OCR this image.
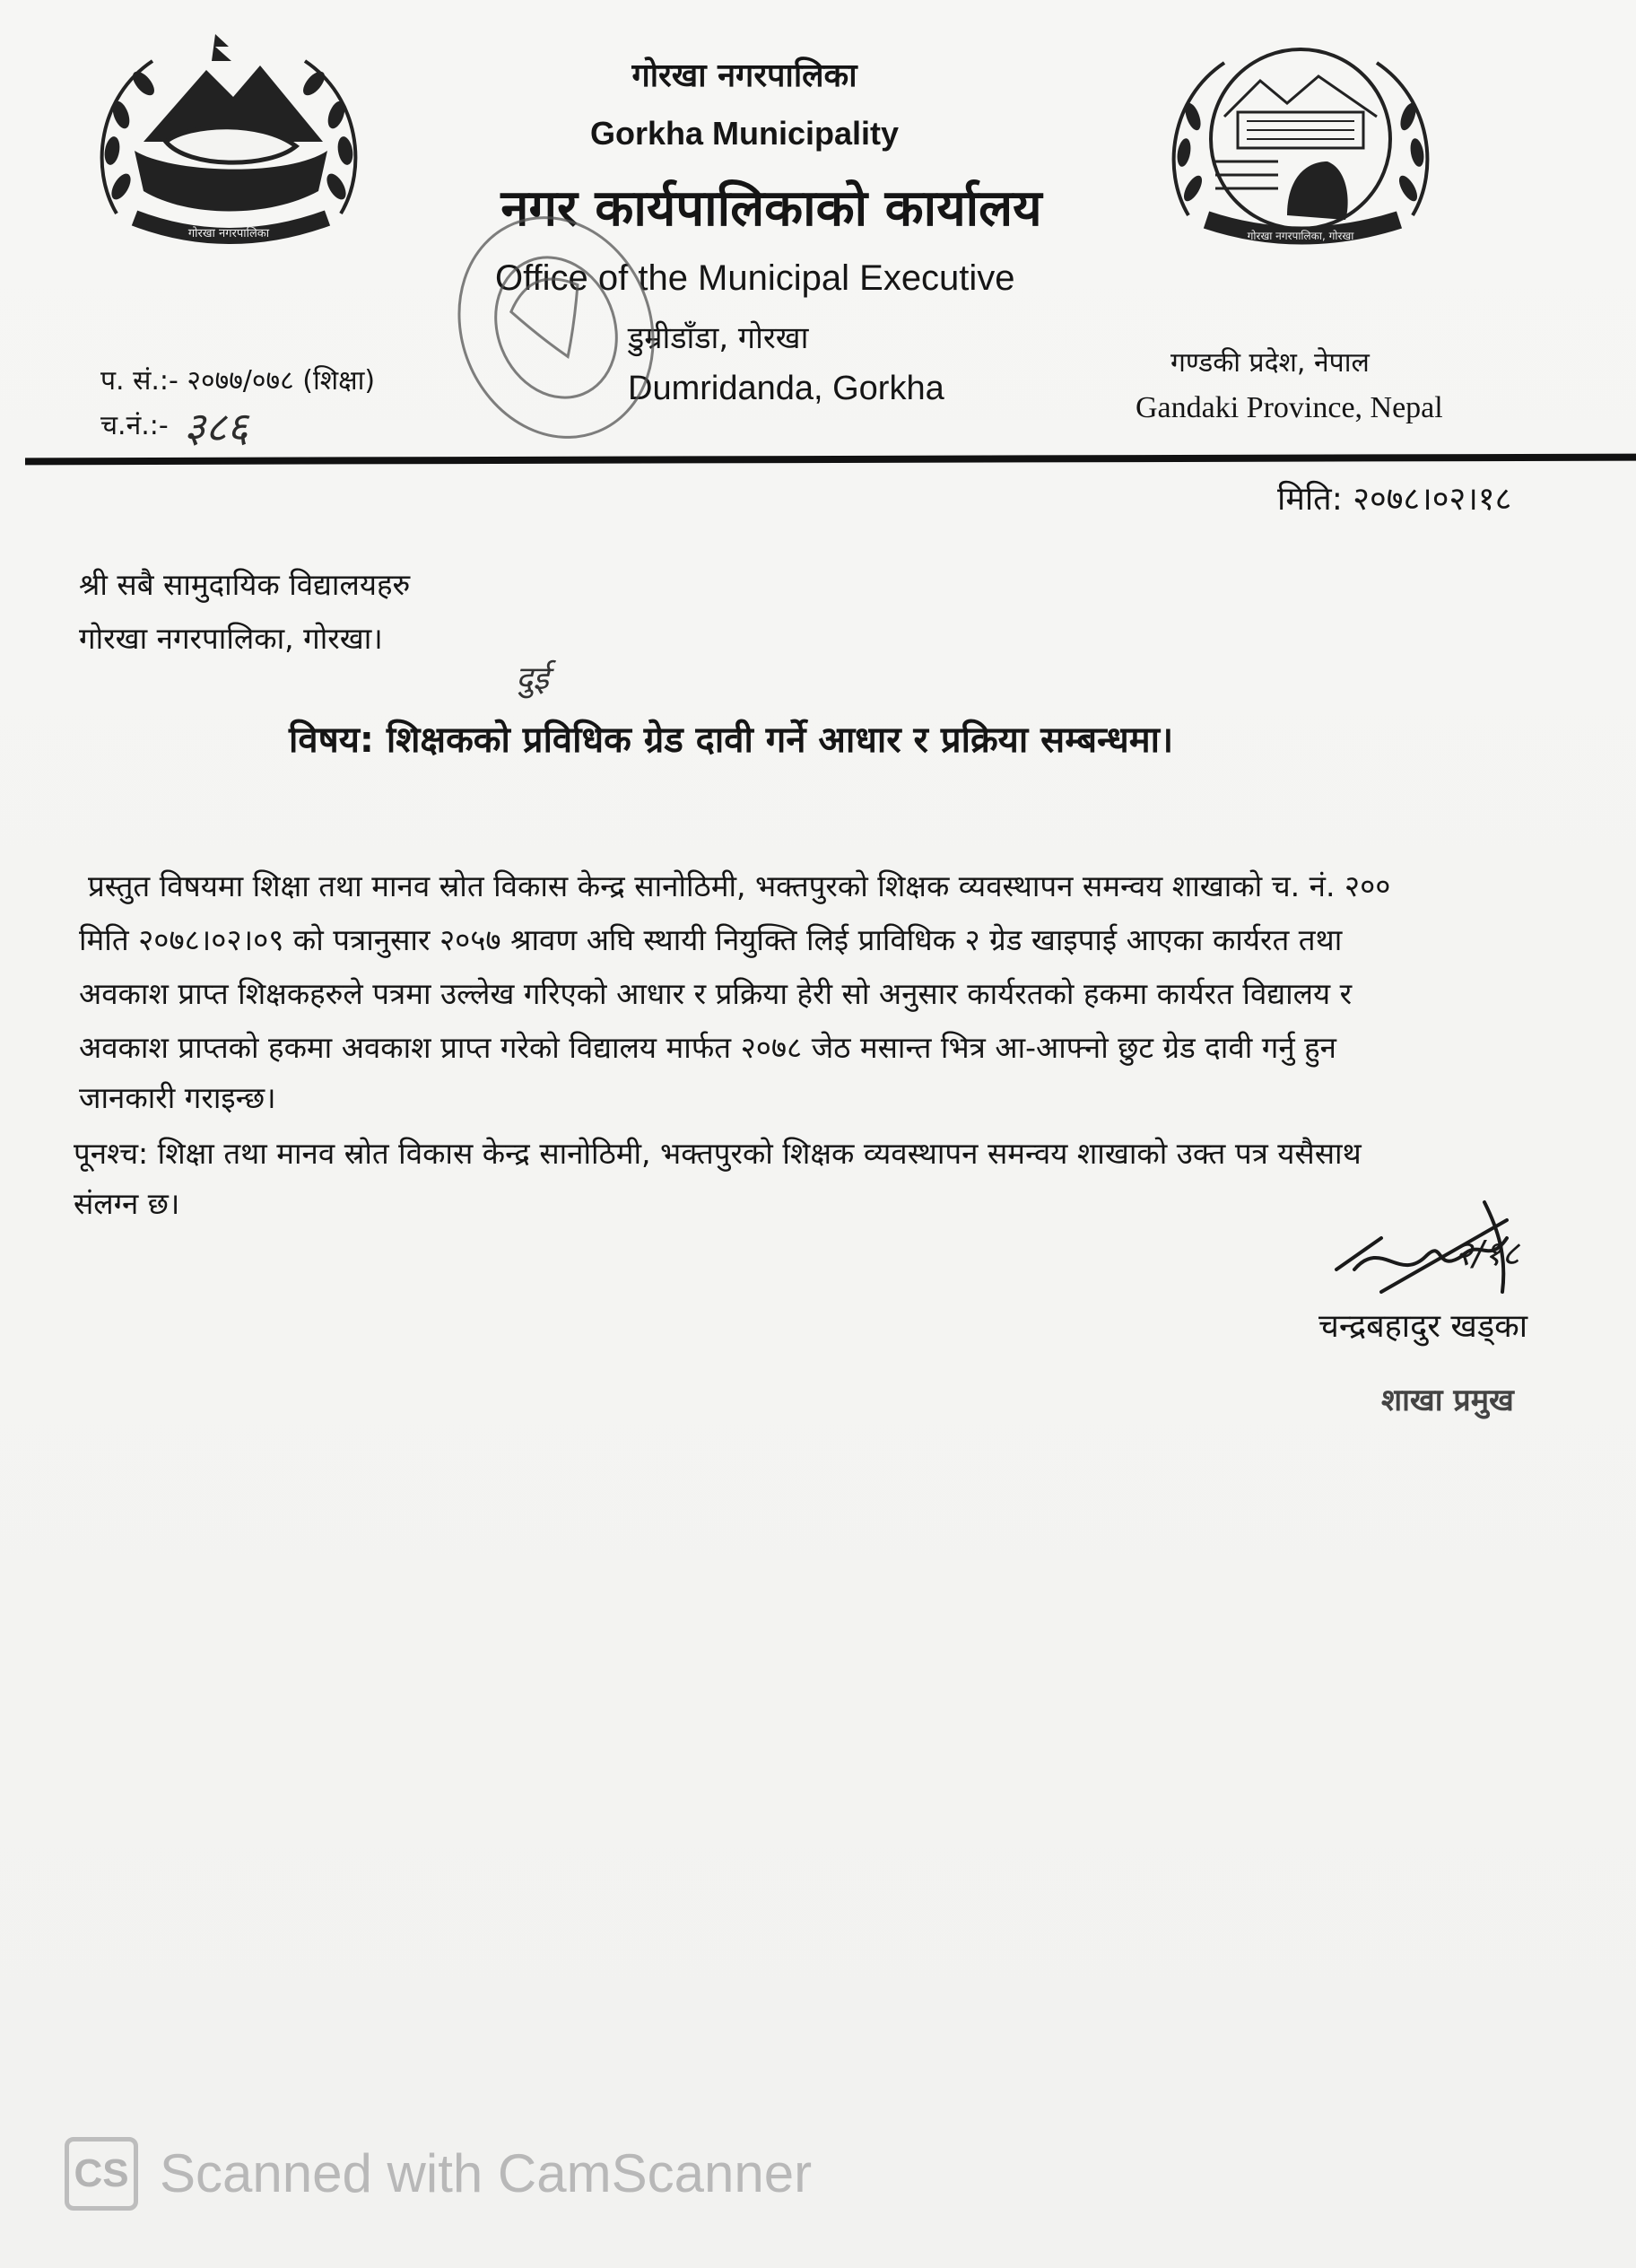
गोरखा नगरपालिका	गोरखा नगरपालिका, गोरखा
गोरखा नगरपालिका
Gorkha Municipality
नगर कार्यपालिकाको कार्यालय
Office of the Municipal Executive
डुम्रीडाँडा, गोरखा
Dumridanda, Gorkha
गण्डकी प्रदेश, नेपाल
Gandaki Province, Nepal
प. सं.:- २०७७/०७८ (शिक्षा)
च.नं.:- ३८६
मिति: २०७८।०२।१८
श्री सबै सामुदायिक विद्यालयहरु
गोरखा नगरपालिका, गोरखा।
दुई
विषय: शिक्षकको प्रविधिक ग्रेड दावी गर्ने आधार र प्रक्रिया सम्बन्धमा।
प्रस्तुत विषयमा शिक्षा तथा मानव स्रोत विकास केन्द्र सानोठिमी, भक्तपुरको शिक्षक व्यवस्थापन समन्वय शाखाको च. नं. २००
मिति २०७८।०२।०९ को पत्रानुसार २०५७ श्रावण अघि स्थायी नियुक्ति लिई प्राविधिक २ ग्रेड खाइपाई आएका कार्यरत तथा
अवकाश प्राप्त शिक्षकहरुले पत्रमा उल्लेख गरिएको आधार र प्रक्रिया हेरी सो अनुसार कार्यरतको हकमा कार्यरत विद्यालय र
अवकाश प्राप्तको हकमा अवकाश प्राप्त गरेको विद्यालय मार्फत २०७८ जेठ मसान्त भित्र आ-आफ्नो छुट ग्रेड दावी गर्नु हुन
जानकारी गराइन्छ।
पूनश्च: शिक्षा तथा मानव स्रोत विकास केन्द्र सानोठिमी, भक्तपुरको शिक्षक व्यवस्थापन समन्वय शाखाको उक्त पत्र यसैसाथ
संलग्न छ।
२/१८
चन्द्रबहादुर खड्का
शाखा प्रमुख
CS Scanned with CamScanner
